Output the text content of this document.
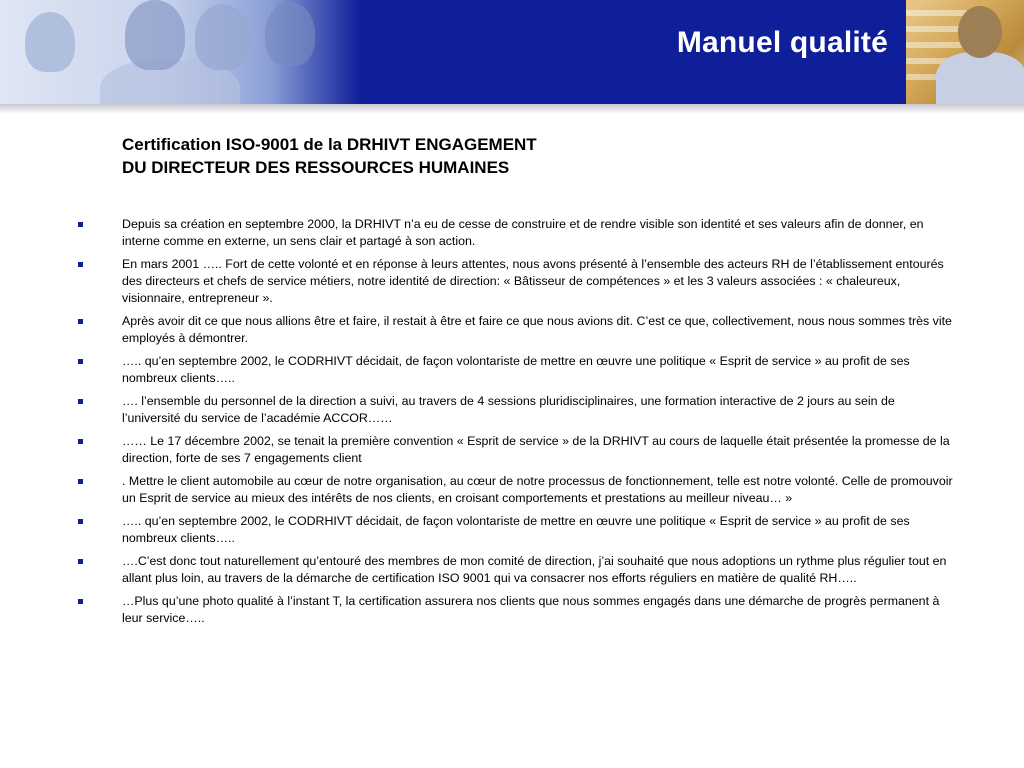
Manuel qualité
Certification ISO-9001 de la DRHIVT ENGAGEMENT
DU DIRECTEUR DES RESSOURCES HUMAINES
Depuis sa création en septembre 2000, la DRHIVT n’a eu de cesse de construire et de rendre visible son identité et ses valeurs afin de donner, en interne comme en externe, un sens clair et partagé à son action.
En mars 2001 ….. Fort de cette volonté et en réponse à leurs attentes, nous avons présenté à l’ensemble des acteurs RH de l’établissement entourés des directeurs et chefs de service métiers, notre identité de direction: « Bâtisseur de compétences » et les 3 valeurs associées : « chaleureux, visionnaire, entrepreneur ».
Après avoir dit ce que nous allions être et faire, il restait à être et faire ce que nous avions dit. C’est ce que, collectivement, nous nous sommes très vite employés à démontrer.
….. qu’en septembre 2002, le CODRHIVT décidait, de façon volontariste de mettre en œuvre une politique « Esprit de service » au profit de ses nombreux clients…..
…. l’ensemble du personnel de la direction a suivi, au travers de 4 sessions pluridisciplinaires, une formation interactive de 2 jours au sein de l’université du service de l’académie ACCOR……
…… Le 17 décembre 2002, se tenait la première convention « Esprit de service » de la DRHIVT au cours de laquelle était présentée la promesse de la direction, forte de ses 7 engagements client
. Mettre le client automobile au cœur de notre organisation, au cœur de notre processus de fonctionnement, telle est notre volonté. Celle de promouvoir un Esprit de service au mieux des intérêts de nos clients, en croisant comportements et prestations au meilleur niveau… »
….. qu’en septembre 2002, le CODRHIVT décidait, de façon volontariste de mettre en œuvre une politique « Esprit de service » au profit de ses nombreux clients…..
….C’est donc tout naturellement qu’entouré des membres de mon comité de direction, j’ai souhaité que nous adoptions un rythme plus régulier tout en allant plus loin, au travers de la démarche de certification ISO 9001 qui va consacrer nos efforts réguliers en matière de qualité RH…..
…Plus qu’une photo qualité à l’instant T, la certification assurera nos clients que nous sommes engagés dans une démarche de progrès permanent à leur service…..
